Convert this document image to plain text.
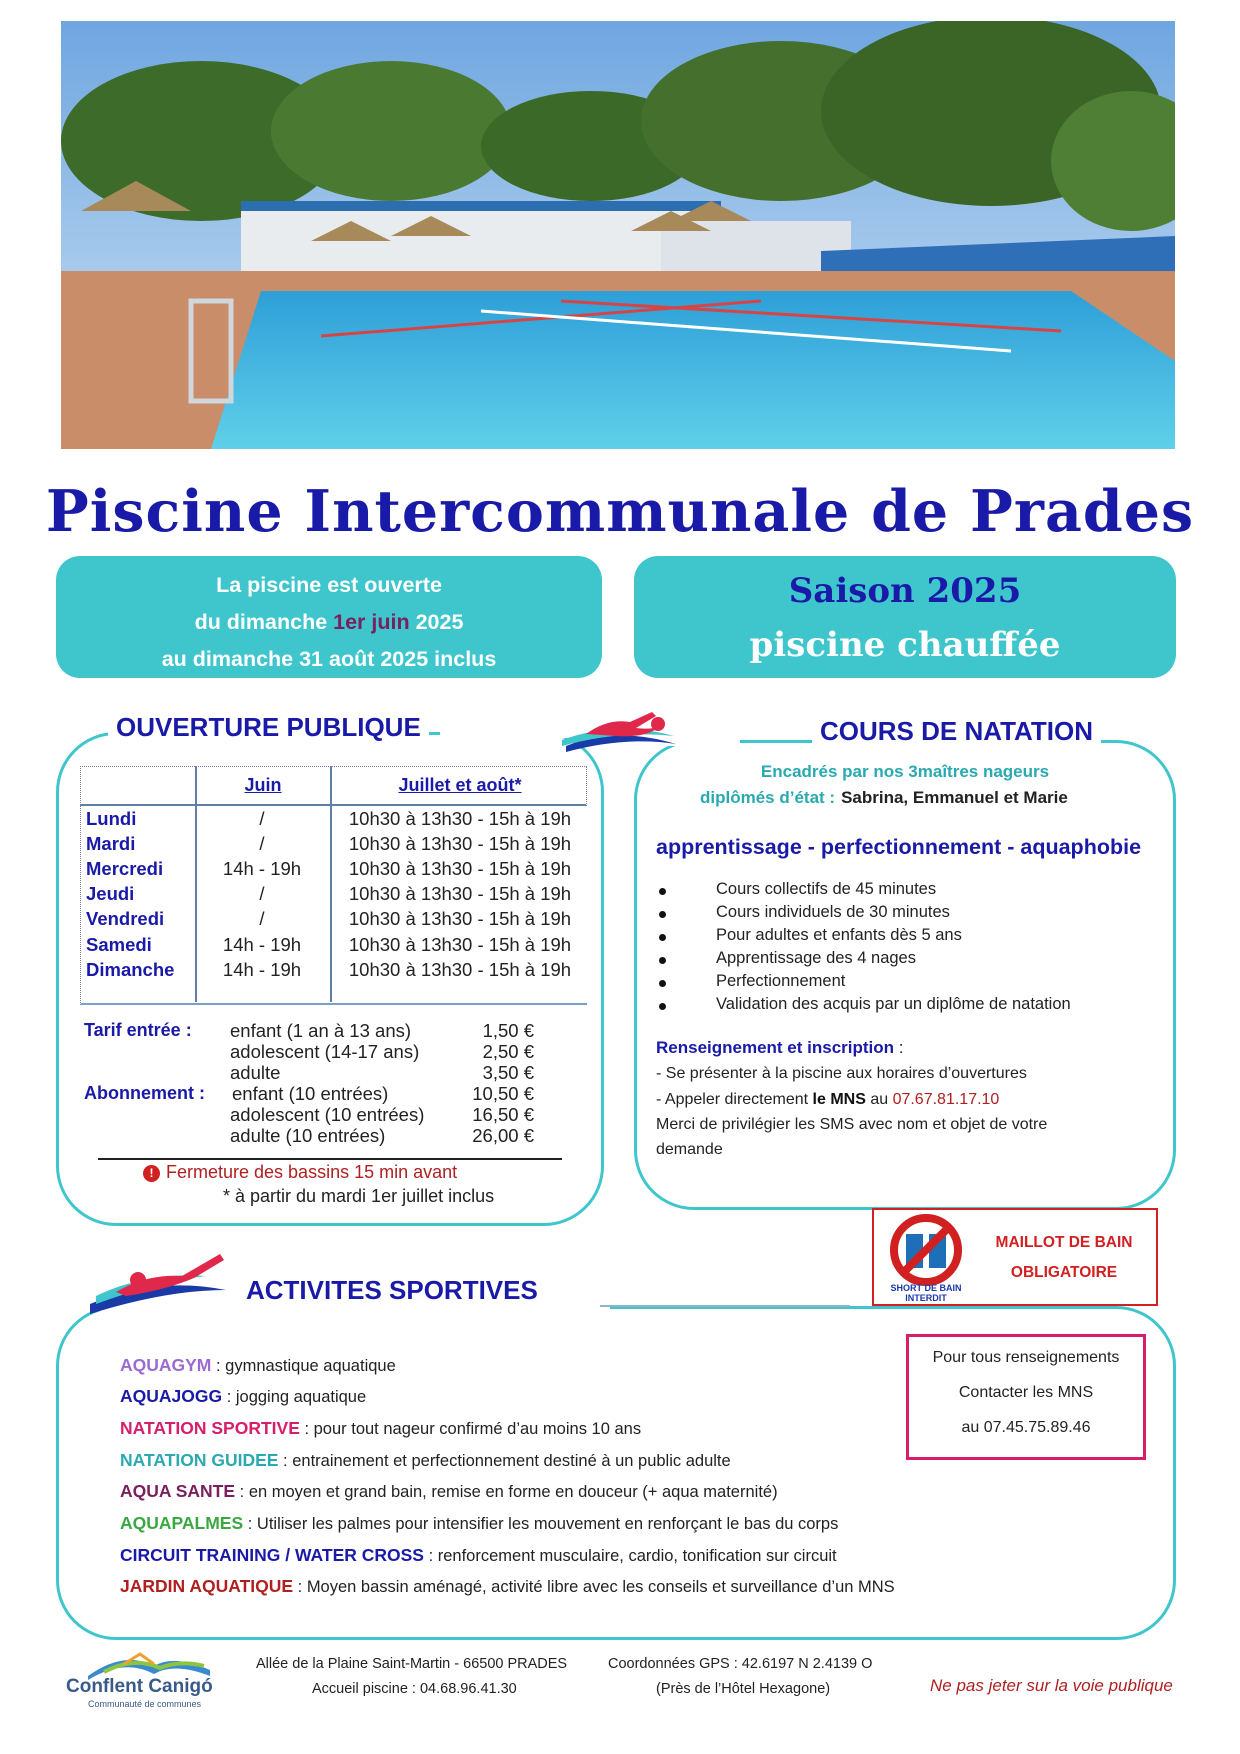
Piscine Intercommunale de Prades
La piscine est ouverte
du dimanche 1er juin 2025
au dimanche 31 août 2025 inclus
Saison 2025
piscine chauffée
OUVERTURE PUBLIQUE	COURS DE NATATION
ACTIVITES SPORTIVES
Juin	Juillet et août*
Lundi	/	10h30 à 13h30 - 15h à 19h
Mardi	/	10h30 à 13h30 - 15h à 19h
Mercredi	14h - 19h	10h30 à 13h30 - 15h à 19h
Jeudi	/	10h30 à 13h30 - 15h à 19h
Vendredi	/	10h30 à 13h30 - 15h à 19h
Samedi	14h - 19h	10h30 à 13h30 - 15h à 19h
Dimanche	14h - 19h	10h30 à 13h30 - 15h à 19h
Tarif entrée :
Abonnement :
enfant (1 an à 13 ans)	1,50 €
adolescent (14-17 ans)	2,50 €
adulte	3,50 €
enfant (10 entrées)	10,50 €
adolescent (10 entrées)	16,50 €
adulte (10 entrées)	26,00 €
! Fermeture des bassins 15 min avant
* à partir du mardi 1er juillet inclus
Encadrés par nos 3maîtres nageurs
diplômés d’état : Sabrina, Emmanuel et Marie
apprentissage - perfectionnement - aquaphobie
Cours collectifs de 45 minutes
Cours individuels de 30 minutes
Pour adultes et enfants dès 5 ans
Apprentissage des 4 nages
Perfectionnement
Validation des acquis par un diplôme de natation
Renseignement et inscription :
- Se présenter à la piscine aux horaires d’ouvertures
- Appeler directement le MNS au 07.67.81.17.10
Merci de privilégier les SMS avec nom et objet de votre
demande
SHORT DE BAIN
INTERDIT
MAILLOT DE BAIN
OBLIGATOIRE
Pour tous renseignements
Contacter les MNS
au 07.45.75.89.46
AQUAGYM : gymnastique aquatique
AQUAJOGG : jogging aquatique
NATATION SPORTIVE : pour tout nageur confirmé d’au moins 10 ans
NATATION GUIDEE : entrainement et perfectionnement destiné à un public adulte
AQUA SANTE : en moyen et grand bain, remise en forme en douceur (+ aqua maternité)
AQUAPALMES : Utiliser les palmes pour intensifier les mouvement en renforçant le bas du corps
CIRCUIT TRAINING / WATER CROSS : renforcement musculaire, cardio, tonification sur circuit
JARDIN AQUATIQUE : Moyen bassin aménagé, activité libre avec les conseils et surveillance d’un MNS
Conflent Canigó
Communauté de communes
Allée de la Plaine Saint-Martin - 66500 PRADES
Accueil piscine : 04.68.96.41.30
Coordonnées GPS : 42.6197 N 2.4139 O
(Près de l’Hôtel Hexagone)	Ne pas jeter sur la voie publique
